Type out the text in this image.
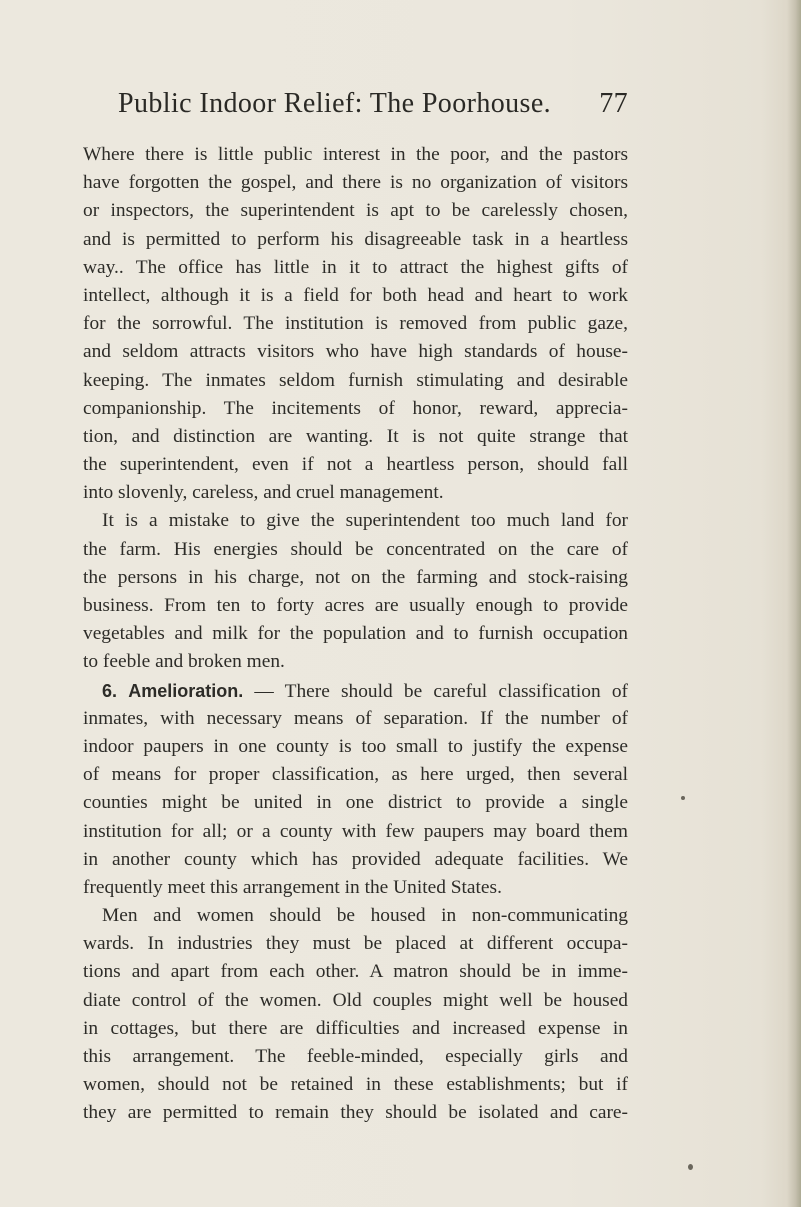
Public Indoor Relief: The Poorhouse. 77
Where there is little public interest in the poor, and the pastors
have forgotten the gospel, and there is no organization of visitors
or inspectors, the superintendent is apt to be carelessly chosen,
and is permitted to perform his disagreeable task in a heartless
way.. The office has little in it to attract the highest gifts of
intellect, although it is a field for both head and heart to work
for the sorrowful. The institution is removed from public gaze,
and seldom attracts visitors who have high standards of house-
keeping. The inmates seldom furnish stimulating and desirable
companionship. The incitements of honor, reward, apprecia-
tion, and distinction are wanting. It is not quite strange that
the superintendent, even if not a heartless person, should fall
into slovenly, careless, and cruel management.
It is a mistake to give the superintendent too much land for
the farm. His energies should be concentrated on the care of
the persons in his charge, not on the farming and stock-raising
business. From ten to forty acres are usually enough to provide
vegetables and milk for the population and to furnish occupation
to feeble and broken men.
6. Amelioration. — There should be careful classification of
inmates, with necessary means of separation. If the number of
indoor paupers in one county is too small to justify the expense
of means for proper classification, as here urged, then several
counties might be united in one district to provide a single
institution for all; or a county with few paupers may board them
in another county which has provided adequate facilities. We
frequently meet this arrangement in the United States.
Men and women should be housed in non-communicating
wards. In industries they must be placed at different occupa-
tions and apart from each other. A matron should be in imme-
diate control of the women. Old couples might well be housed
in cottages, but there are difficulties and increased expense in
this arrangement. The feeble-minded, especially girls and
women, should not be retained in these establishments; but if
they are permitted to remain they should be isolated and care-
